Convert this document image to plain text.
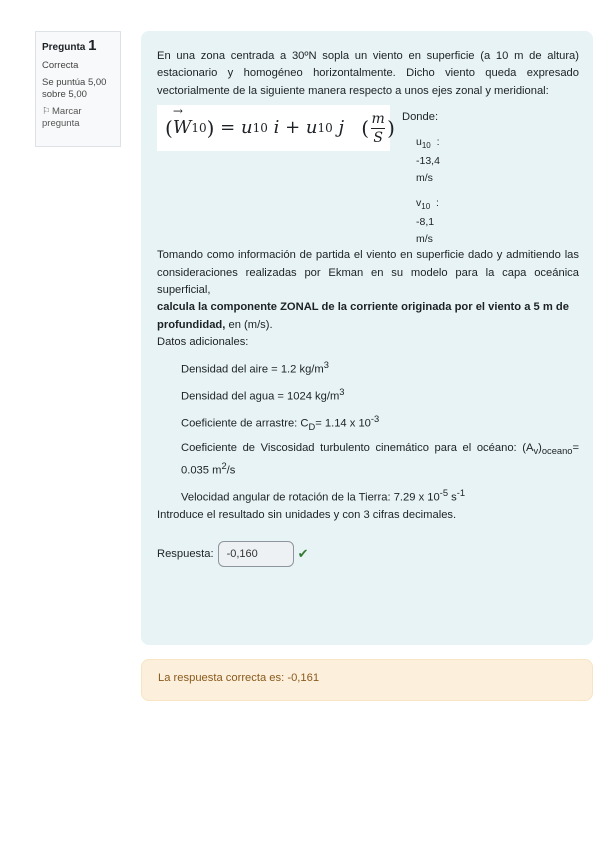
Pregunta 1
Correcta
Se puntúa 5,00 sobre 5,00
⚐Marcar pregunta

En una zona centrada a 30ºN sopla un viento en superficie (a 10 m de altura) estacionario y homogéneo horizontalmente. Dicho viento queda expresado vectorialmente de la siguiente manera respecto a unos ejes zonal y meridional:

(
→
W 10 )
=
u 10
i
+
u 10
j
( $\frac{m}{S}$ ) Donde:
$u_{10}$ :
-13,4
m/s
$v_{10}$ :
-8,1
m/s

Tomando como información de partida el viento en superficie dado y admitiendo las consideraciones realizadas por Ekman en su modelo para la capa oceánica superficial,

calcula la componente ZONAL de la corriente originada por el viento a 5 m de profundidad, en (m/s).

Datos adicionales:

Densidad del aire = 1.2 $kg/m^3$
Densidad del agua = 1024 $kg/m^3$
Coeficiente de arrastre: $C_D= 1.14$ x $10^{-3}$
Coeficiente de Viscosidad turbulento cinemático para el océano: $(A_v)_{oceano}= 0.035$ $m^2/s$
Velocidad angular de rotación de la Tierra: 7.29 x $10^{-5}$ $s^{-1}$

Introduce el resultado sin unidades y con 3 cifras decimales.

Respuesta:
-0,160	✔
La respuesta correcta es: -0,161
